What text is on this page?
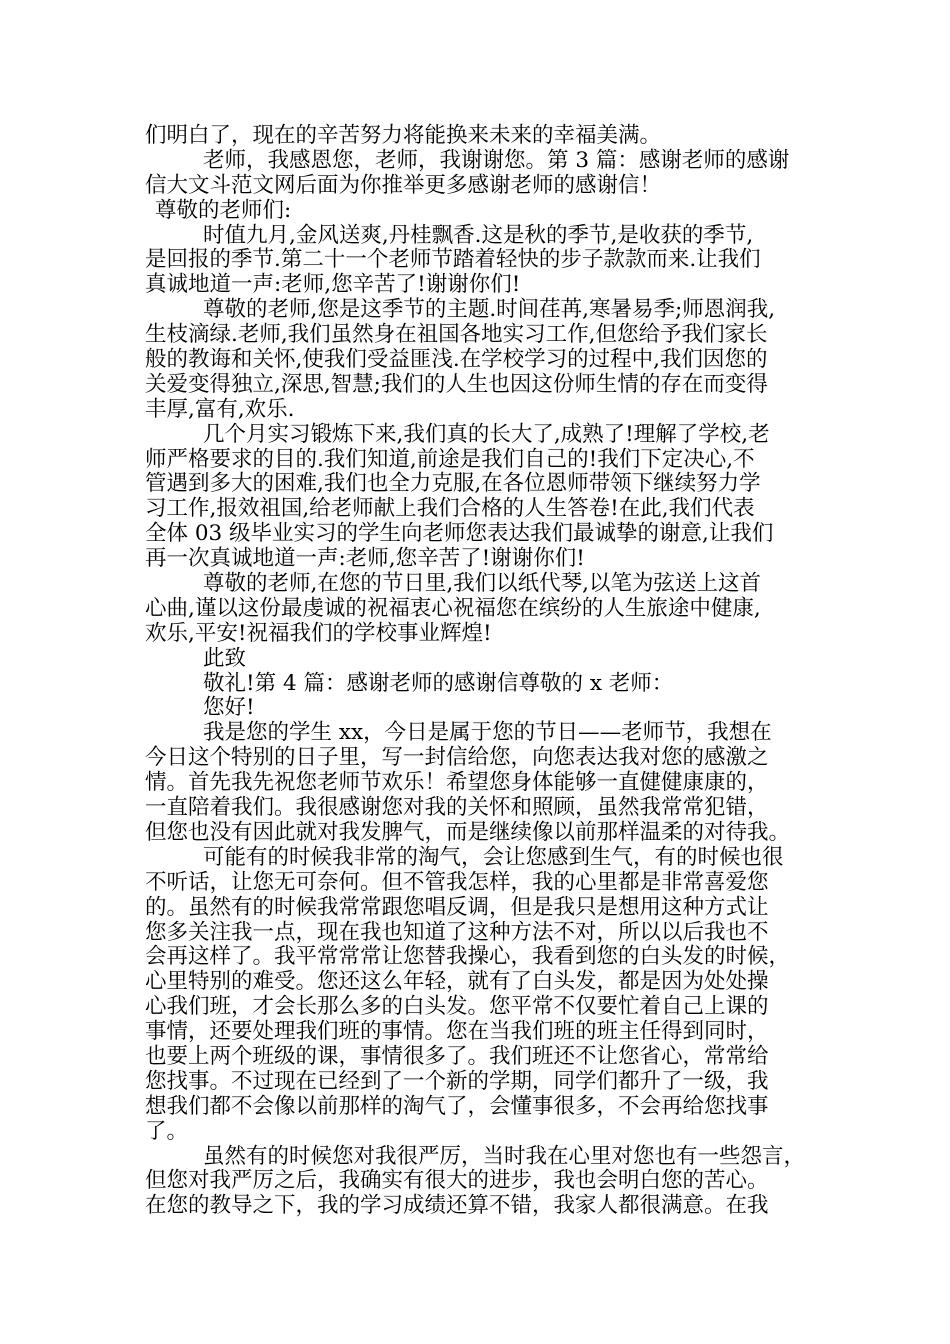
们明白了，现在的辛苦努力将能换来未来的幸福美满。
老师，我感恩您，老师，我谢谢您。第 3 篇：感谢老师的感谢
信大文斗范文网后面为你推举更多感谢老师的感谢信！
尊敬的老师们:
时值九月,金风送爽,丹桂飘香.这是秋的季节,是收获的季节,
是回报的季节.第二十一个老师节踏着轻快的步子款款而来.让我们
真诚地道一声:老师,您辛苦了!谢谢你们!
尊敬的老师,您是这季节的主题.时间荏苒,寒暑易季;师恩润我,
生枝滴绿.老师,我们虽然身在祖国各地实习工作,但您给予我们家长
般的教诲和关怀,使我们受益匪浅.在学校学习的过程中,我们因您的
关爱变得独立,深思,智慧;我们的人生也因这份师生情的存在而变得
丰厚,富有,欢乐.
几个月实习锻炼下来,我们真的长大了,成熟了!理解了学校,老
师严格要求的目的.我们知道,前途是我们自己的!我们下定决心,不
管遇到多大的困难,我们也全力克服,在各位恩师带领下继续努力学
习工作,报效祖国,给老师献上我们合格的人生答卷!在此,我们代表
全体 03 级毕业实习的学生向老师您表达我们最诚挚的谢意,让我们
再一次真诚地道一声:老师,您辛苦了!谢谢你们!
尊敬的老师,在您的节日里,我们以纸代琴,以笔为弦送上这首
心曲,谨以这份最虔诚的祝福衷心祝福您在缤纷的人生旅途中健康,
欢乐,平安!祝福我们的学校事业辉煌!
此致
敬礼!第 4 篇：感谢老师的感谢信尊敬的 x 老师：
您好!
我是您的学生 xx，今日是属于您的节日——老师节，我想在
今日这个特别的日子里，写一封信给您，向您表达我对您的感激之
情。首先我先祝您老师节欢乐！希望您身体能够一直健健康康的，
一直陪着我们。我很感谢您对我的关怀和照顾，虽然我常常犯错，
但您也没有因此就对我发脾气，而是继续像以前那样温柔的对待我。
可能有的时候我非常的淘气，会让您感到生气，有的时候也很
不听话，让您无可奈何。但不管我怎样，我的心里都是非常喜爱您
的。虽然有的时候我常常跟您唱反调，但是我只是想用这种方式让
您多关注我一点，现在我也知道了这种方法不对，所以以后我也不
会再这样了。我平常常常让您替我操心，我看到您的白头发的时候，
心里特别的难受。您还这么年轻，就有了白头发，都是因为处处操
心我们班，才会长那么多的白头发。您平常不仅要忙着自己上课的
事情，还要处理我们班的事情。您在当我们班的班主任得到同时，
也要上两个班级的课，事情很多了。我们班还不让您省心，常常给
您找事。不过现在已经到了一个新的学期，同学们都升了一级，我
想我们都不会像以前那样的淘气了，会懂事很多，不会再给您找事
了。
虽然有的时候您对我很严厉，当时我在心里对您也有一些怨言，
但您对我严厉之后，我确实有很大的进步，我也会明白您的苦心。
在您的教导之下，我的学习成绩还算不错，我家人都很满意。在我
